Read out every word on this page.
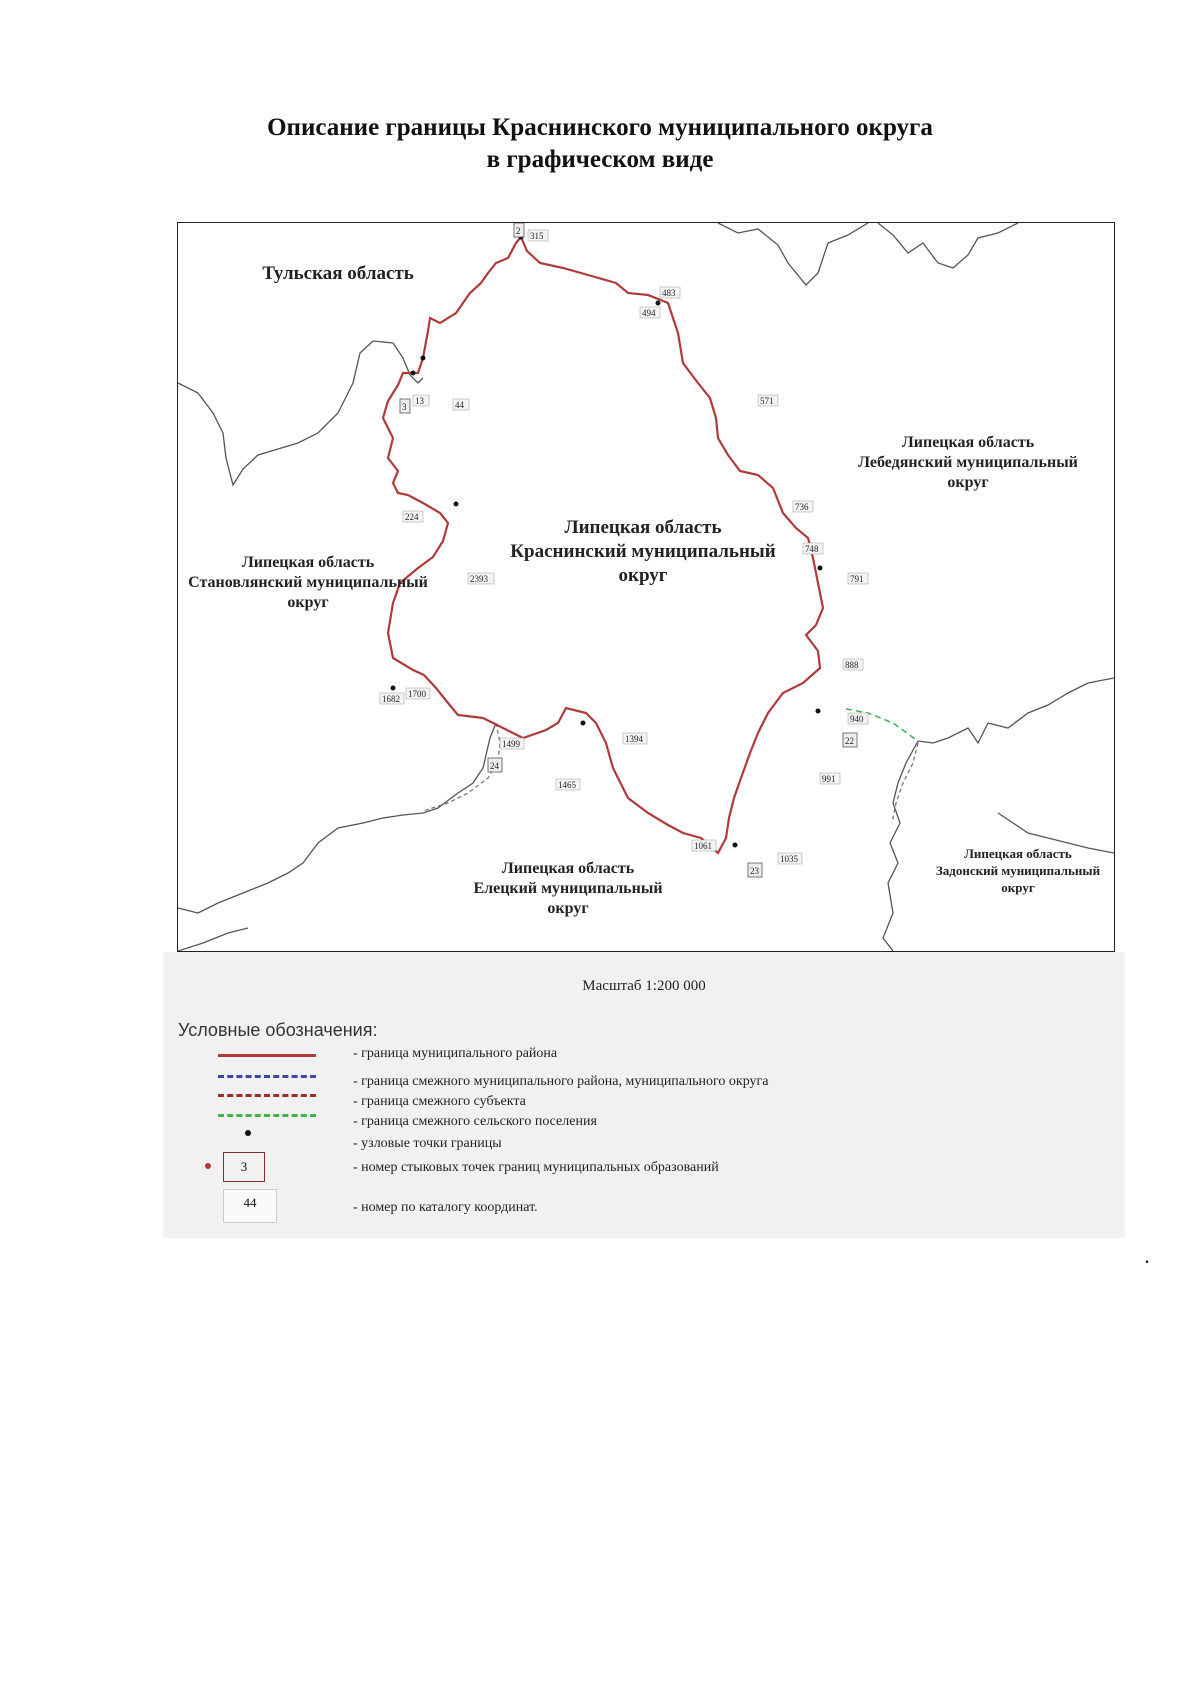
Описание границы Краснинского муниципального округа
в графическом виде
2
3
22
23
24
315
483
494
571
13	44
224
2393
736
748
791
888
940
991
1682 1700
1499
1465
1394
1061
1035
Тульская область
Липецкая область
Лебедянский муниципальный
округ
Липецкая область
Краснинский муниципальный
округ
Липецкая область
Становлянский муниципальный
округ
Липецкая область
Елецкий муниципальный
округ
Липецкая область
Задонский муниципальный
округ
Масштаб 1:200 000
Условные обозначения:
- граница муниципального района
- граница смежного муниципального района, муниципального округа
- граница смежного субъекта
- граница смежного сельского поселения
- узловые точки границы
3	- номер стыковых точек границ муниципальных образований
44	- номер по каталогу координат.
.
